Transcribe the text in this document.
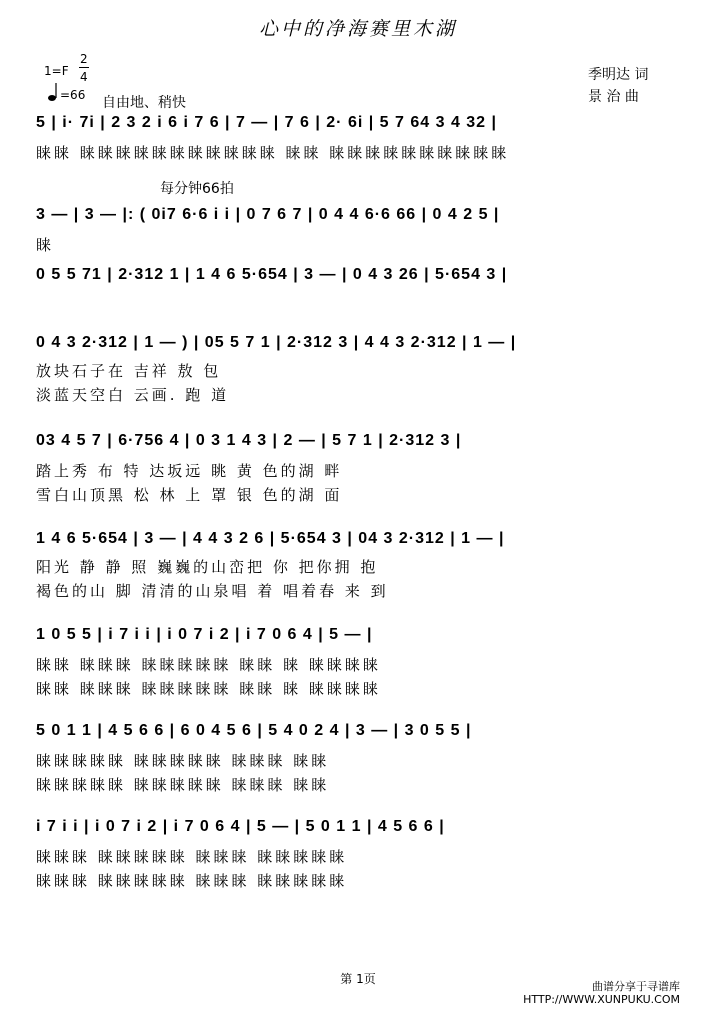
心中的净海赛里木湖
1=F
2
4
=66 自由地、稍快
季明达 词
景 治 曲
每分钟66拍
5 | i· 7i | 2 3 2 i 6 i 7 6 | 7 — | 7 6 | 2· 6i | 5 7 64 3 4 32 |
睐睐 睐睐睐睐睐睐睐睐睐睐睐 睐睐 睐睐睐睐睐睐睐睐睐睐
3 — | 3 — |: ( 0i7 6·6 i i | 0 7 6 7 | 0 4 4 6·6 66 | 0 4 2 5 |
睐
0 5 5 71 | 2·312 1 | 1 4 6 5·654 | 3 — | 0 4 3 26 | 5·654 3 |
0 4 3 2·312 | 1 — ) | 05 5 7 1 | 2·312 3 | 4 4 3 2·312 | 1 — |
放块石子在 吉祥 敖 包
淡蓝天空白 云画. 跑 道
03 4 5 7 | 6·756 4 | 0 3 1 4 3 | 2 — | 5 7 1 | 2·312 3 |
踏上秀 布 特 达坂远 眺 黄 色的湖 畔
雪白山顶黑 松 林 上 罩 银 色的湖 面
1 4 6 5·654 | 3 — | 4 4 3 2 6 | 5·654 3 | 04 3 2·312 | 1 — |
阳光 静 静 照 巍巍的山峦把 你 把你拥 抱
褐色的山 脚 清清的山泉唱 着 唱着春 来 到
1 0 5 5 | i 7 i i | i 0 7 i 2 | i 7 0 6 4 | 5 — |
睐睐 睐睐睐 睐睐睐睐睐 睐睐 睐 睐睐睐睐
睐睐 睐睐睐 睐睐睐睐睐 睐睐 睐 睐睐睐睐
5 0 1 1 | 4 5 6 6 | 6 0 4 5 6 | 5 4 0 2 4 | 3 — | 3 0 5 5 |
睐睐睐睐睐 睐睐睐睐睐 睐睐睐 睐睐
睐睐睐睐睐 睐睐睐睐睐 睐睐睐 睐睐
i 7 i i | i 0 7 i 2 | i 7 0 6 4 | 5 — | 5 0 1 1 | 4 5 6 6 |
睐睐睐 睐睐睐睐睐 睐睐睐 睐睐睐睐睐
睐睐睐 睐睐睐睐睐 睐睐睐 睐睐睐睐睐
第 1页
曲谱分享于寻谱库
HTTP://WWW.XUNPUKU.COM
